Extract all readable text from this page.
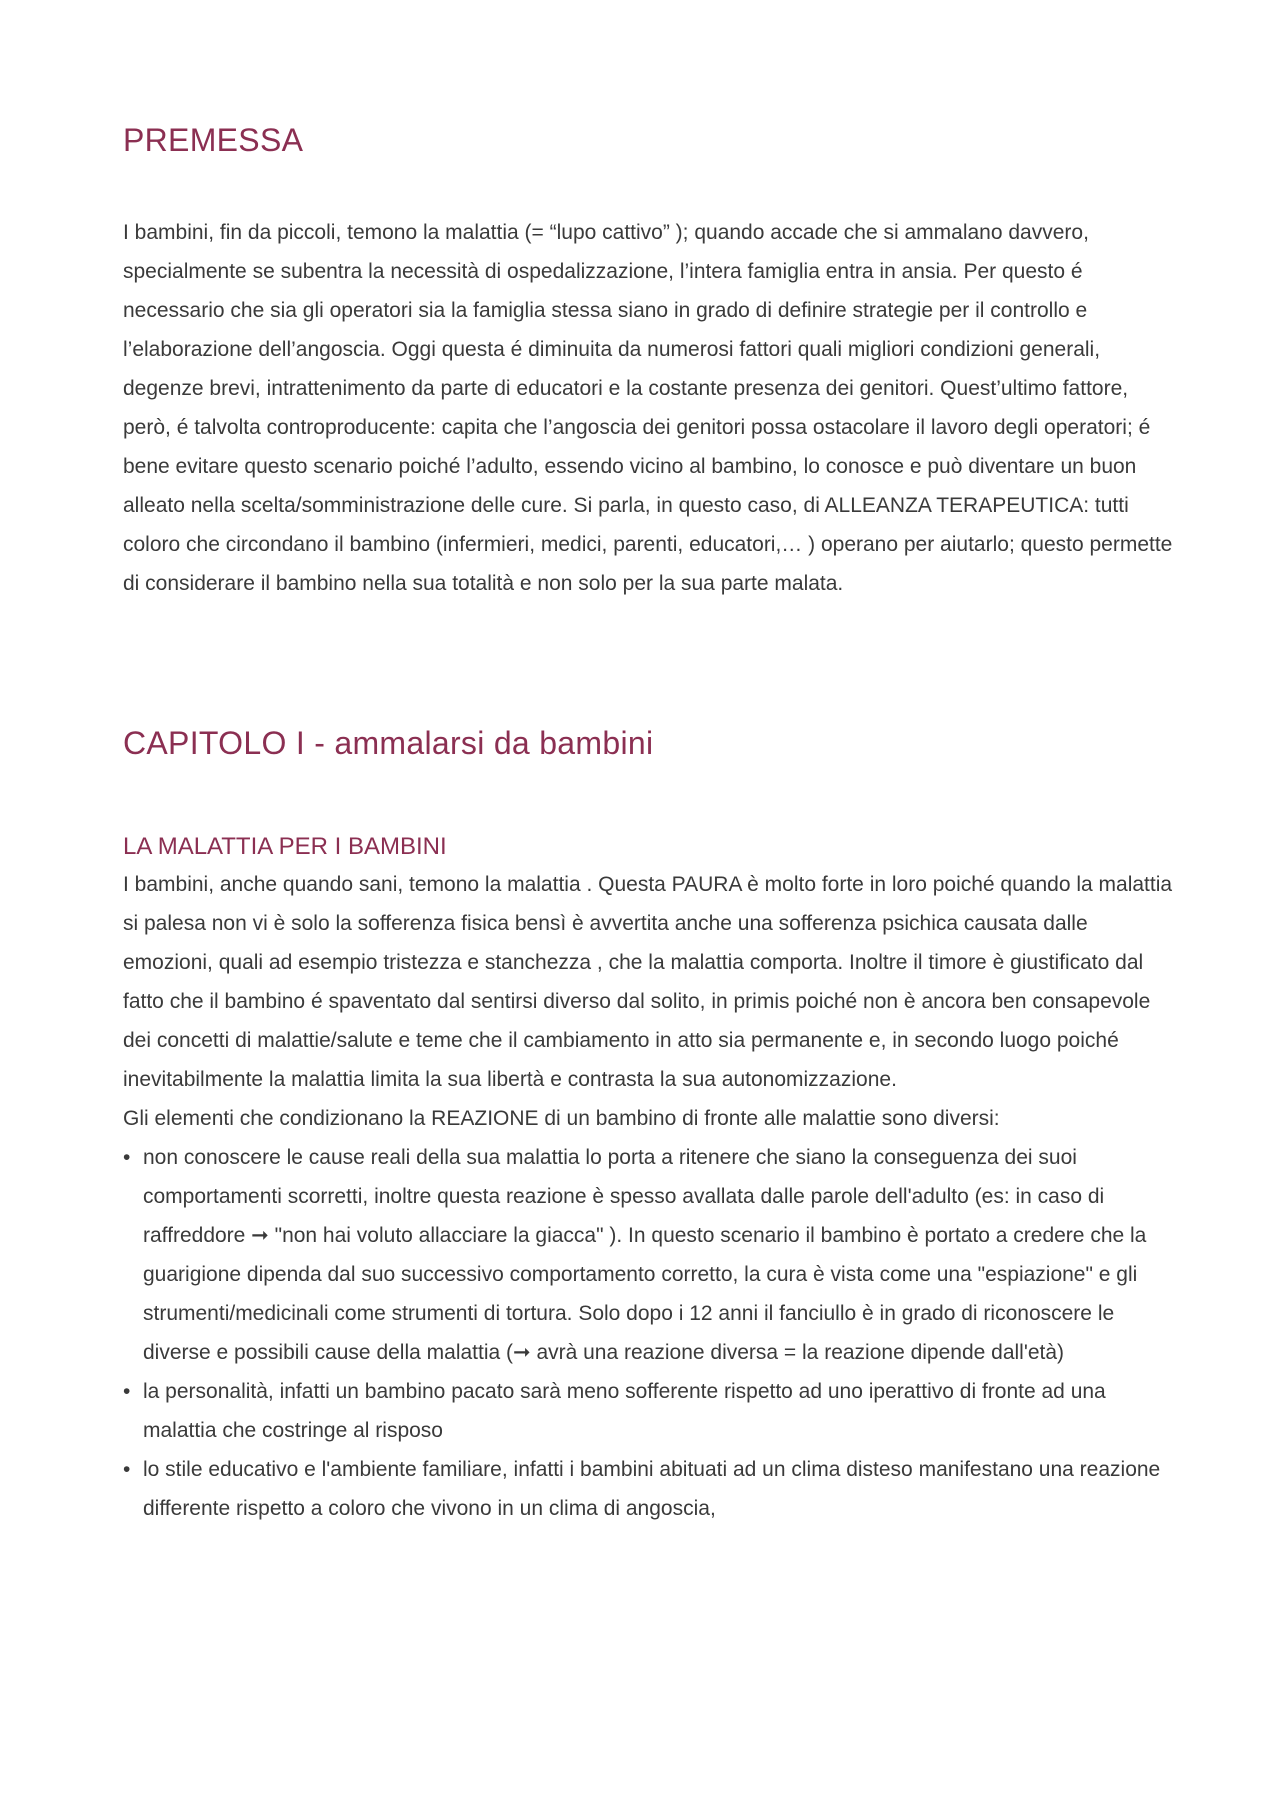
PREMESSA

I bambini, fin da piccoli, temono la malattia (= “lupo cattivo” ); quando accade che si ammalano davvero, specialmente se subentra la necessità di ospedalizzazione, l’intera famiglia entra in ansia. Per questo é necessario che sia gli operatori sia la famiglia stessa siano in grado di definire strategie per il controllo e l’elaborazione dell’angoscia. Oggi questa é diminuita da numerosi fattori quali migliori condizioni generali, degenze brevi, intrattenimento da parte di educatori e la costante presenza dei genitori. Quest’ultimo fattore, però, é talvolta controproducente: capita che l’angoscia dei genitori possa ostacolare il lavoro degli operatori; é bene evitare questo scenario poiché l’adulto, essendo vicino al bambino, lo conosce e può diventare un buon alleato nella scelta/somministrazione delle cure. Si parla, in questo caso, di ALLEANZA TERAPEUTICA: tutti coloro che circondano il bambino (infermieri, medici, parenti, educatori,… ) operano per aiutarlo; questo permette di considerare il bambino nella sua totalità e non solo per la sua parte malata.

CAPITOLO I - ammalarsi da bambini
LA MALATTIA PER I BAMBINI

I bambini, anche quando sani, temono la malattia . Questa PAURA è molto forte in loro poiché quando la malattia si palesa non vi è solo la sofferenza fisica bensì è avvertita anche una sofferenza psichica causata dalle emozioni, quali ad esempio tristezza e stanchezza , che la malattia comporta. Inoltre il timore è giustificato dal fatto che il bambino é spaventato dal sentirsi diverso dal solito, in primis poiché non è ancora ben consapevole dei concetti di malattie/salute e teme che il cambiamento in atto sia permanente e, in secondo luogo poiché inevitabilmente la malattia limita la sua libertà e contrasta la sua autonomizzazione.

Gli elementi che condizionano la REAZIONE di un bambino di fronte alle malattie sono diversi:

• non conoscere le cause reali della sua malattia lo porta a ritenere che siano la conseguenza dei suoi comportamenti scorretti, inoltre questa reazione è spesso avallata dalle parole dell'adulto (es: in caso di raffreddore ➞ "non hai voluto allacciare la giacca" ). In questo scenario il bambino è portato a credere che la guarigione dipenda dal suo successivo comportamento corretto, la cura è vista come una "espiazione" e gli strumenti/medicinali come strumenti di tortura. Solo dopo i 12 anni il fanciullo è in grado di riconoscere le diverse e possibili cause della malattia (➞ avrà una reazione diversa = la reazione dipende dall'età)
• la personalità, infatti un bambino pacato sarà meno sofferente rispetto ad uno iperattivo di fronte ad una malattia che costringe al risposo
• lo stile educativo e l'ambiente familiare, infatti i bambini abituati ad un clima disteso manifestano una reazione differente rispetto a coloro che vivono in un clima di angoscia,
